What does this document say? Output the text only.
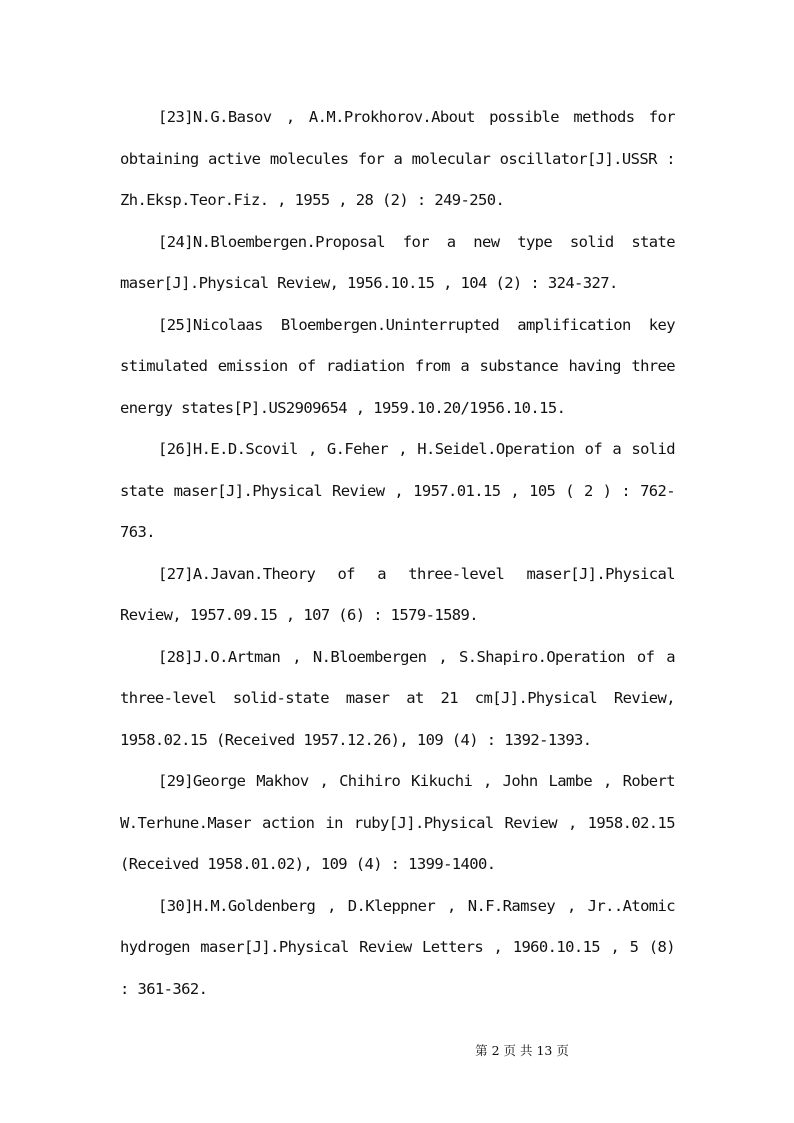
[23]N.G.Basov , A.M.Prokhorov.About possible methods for obtaining active molecules for a molecular oscillator[J].USSR : Zh.Eksp.Teor.Fiz. , 1955 , 28 (2) : 249-250.

[24]N.Bloembergen.Proposal for a new type solid state maser[J].Physical Review, 1956.10.15 , 104 (2) : 324-327.

[25]Nicolaas Bloembergen.Uninterrupted amplification key stimulated emission of radiation from a substance having three energy states[P].US2909654 , 1959.10.20/1956.10.15.

[26]H.E.D.Scovil , G.Feher , H.Seidel.Operation of a solid state maser[J].Physical Review , 1957.01.15 , 105 ( 2 ) : 762-763.

[27]A.Javan.Theory of a three-level maser[J].Physical Review, 1957.09.15 , 107 (6) : 1579-1589.

[28]J.O.Artman , N.Bloembergen , S.Shapiro.Operation of a three-level solid-state maser at 21 cm[J].Physical Review, 1958.02.15 (Received 1957.12.26), 109 (4) : 1392-1393.

[29]George Makhov , Chihiro Kikuchi , John Lambe , Robert W.Terhune.Maser action in ruby[J].Physical Review , 1958.02.15 (Received 1958.01.02), 109 (4) : 1399-1400.

[30]H.M.Goldenberg , D.Kleppner , N.F.Ramsey , Jr..Atomic hydrogen maser[J].Physical Review Letters , 1960.10.15 , 5 (8) : 361-362.

第 2 页 共 13 页
